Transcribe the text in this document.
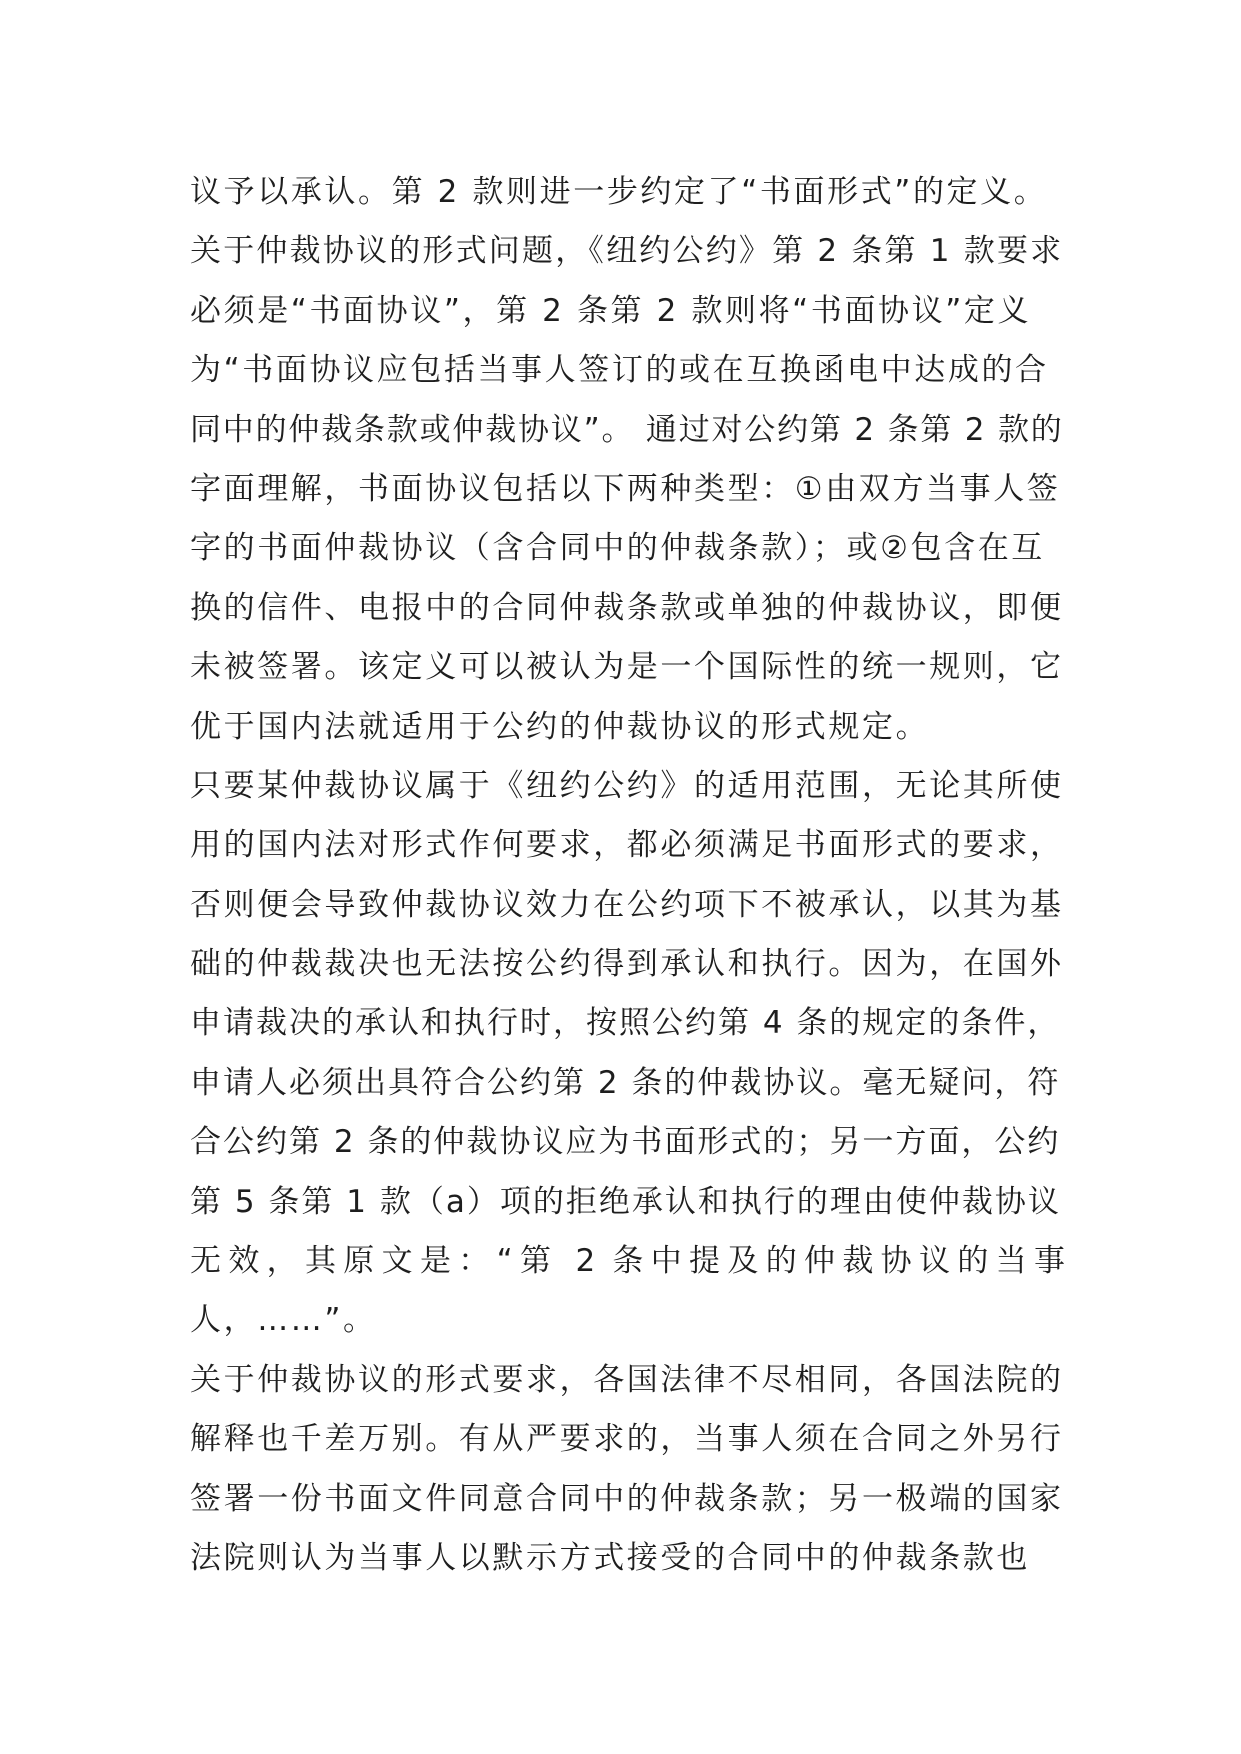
议予以承认。第 2 款则进一步约定了“书面形式”的定义。
关于仲裁协议的形式问题，《纽约公约》第 2 条第 1 款要求
必须是“书面协议”，第 2 条第 2 款则将“书面协议”定义
为“书面协议应包括当事人签订的或在互换函电中达成的合
同中的仲裁条款或仲裁协议”。 通过对公约第 2 条第 2 款的
字面理解，书面协议包括以下两种类型：①由双方当事人签
字的书面仲裁协议（含合同中的仲裁条款）；或②包含在互
换的信件、电报中的合同仲裁条款或单独的仲裁协议，即便
未被签署。该定义可以被认为是一个国际性的统一规则，它
优于国内法就适用于公约的仲裁协议的形式规定。
只要某仲裁协议属于《纽约公约》的适用范围，无论其所使
用的国内法对形式作何要求，都必须满足书面形式的要求，
否则便会导致仲裁协议效力在公约项下不被承认，以其为基
础的仲裁裁决也无法按公约得到承认和执行。因为，在国外
申请裁决的承认和执行时，按照公约第 4 条的规定的条件，
申请人必须出具符合公约第 2 条的仲裁协议。毫无疑问，符
合公约第 2 条的仲裁协议应为书面形式的；另一方面，公约
第 5 条第 1 款（a）项的拒绝承认和执行的理由使仲裁协议
无效，其原文是：“第 2 条中提及的仲裁协议的当事
人，……”。
关于仲裁协议的形式要求，各国法律不尽相同，各国法院的
解释也千差万别。有从严要求的，当事人须在合同之外另行
签署一份书面文件同意合同中的仲裁条款；另一极端的国家
法院则认为当事人以默示方式接受的合同中的仲裁条款也
